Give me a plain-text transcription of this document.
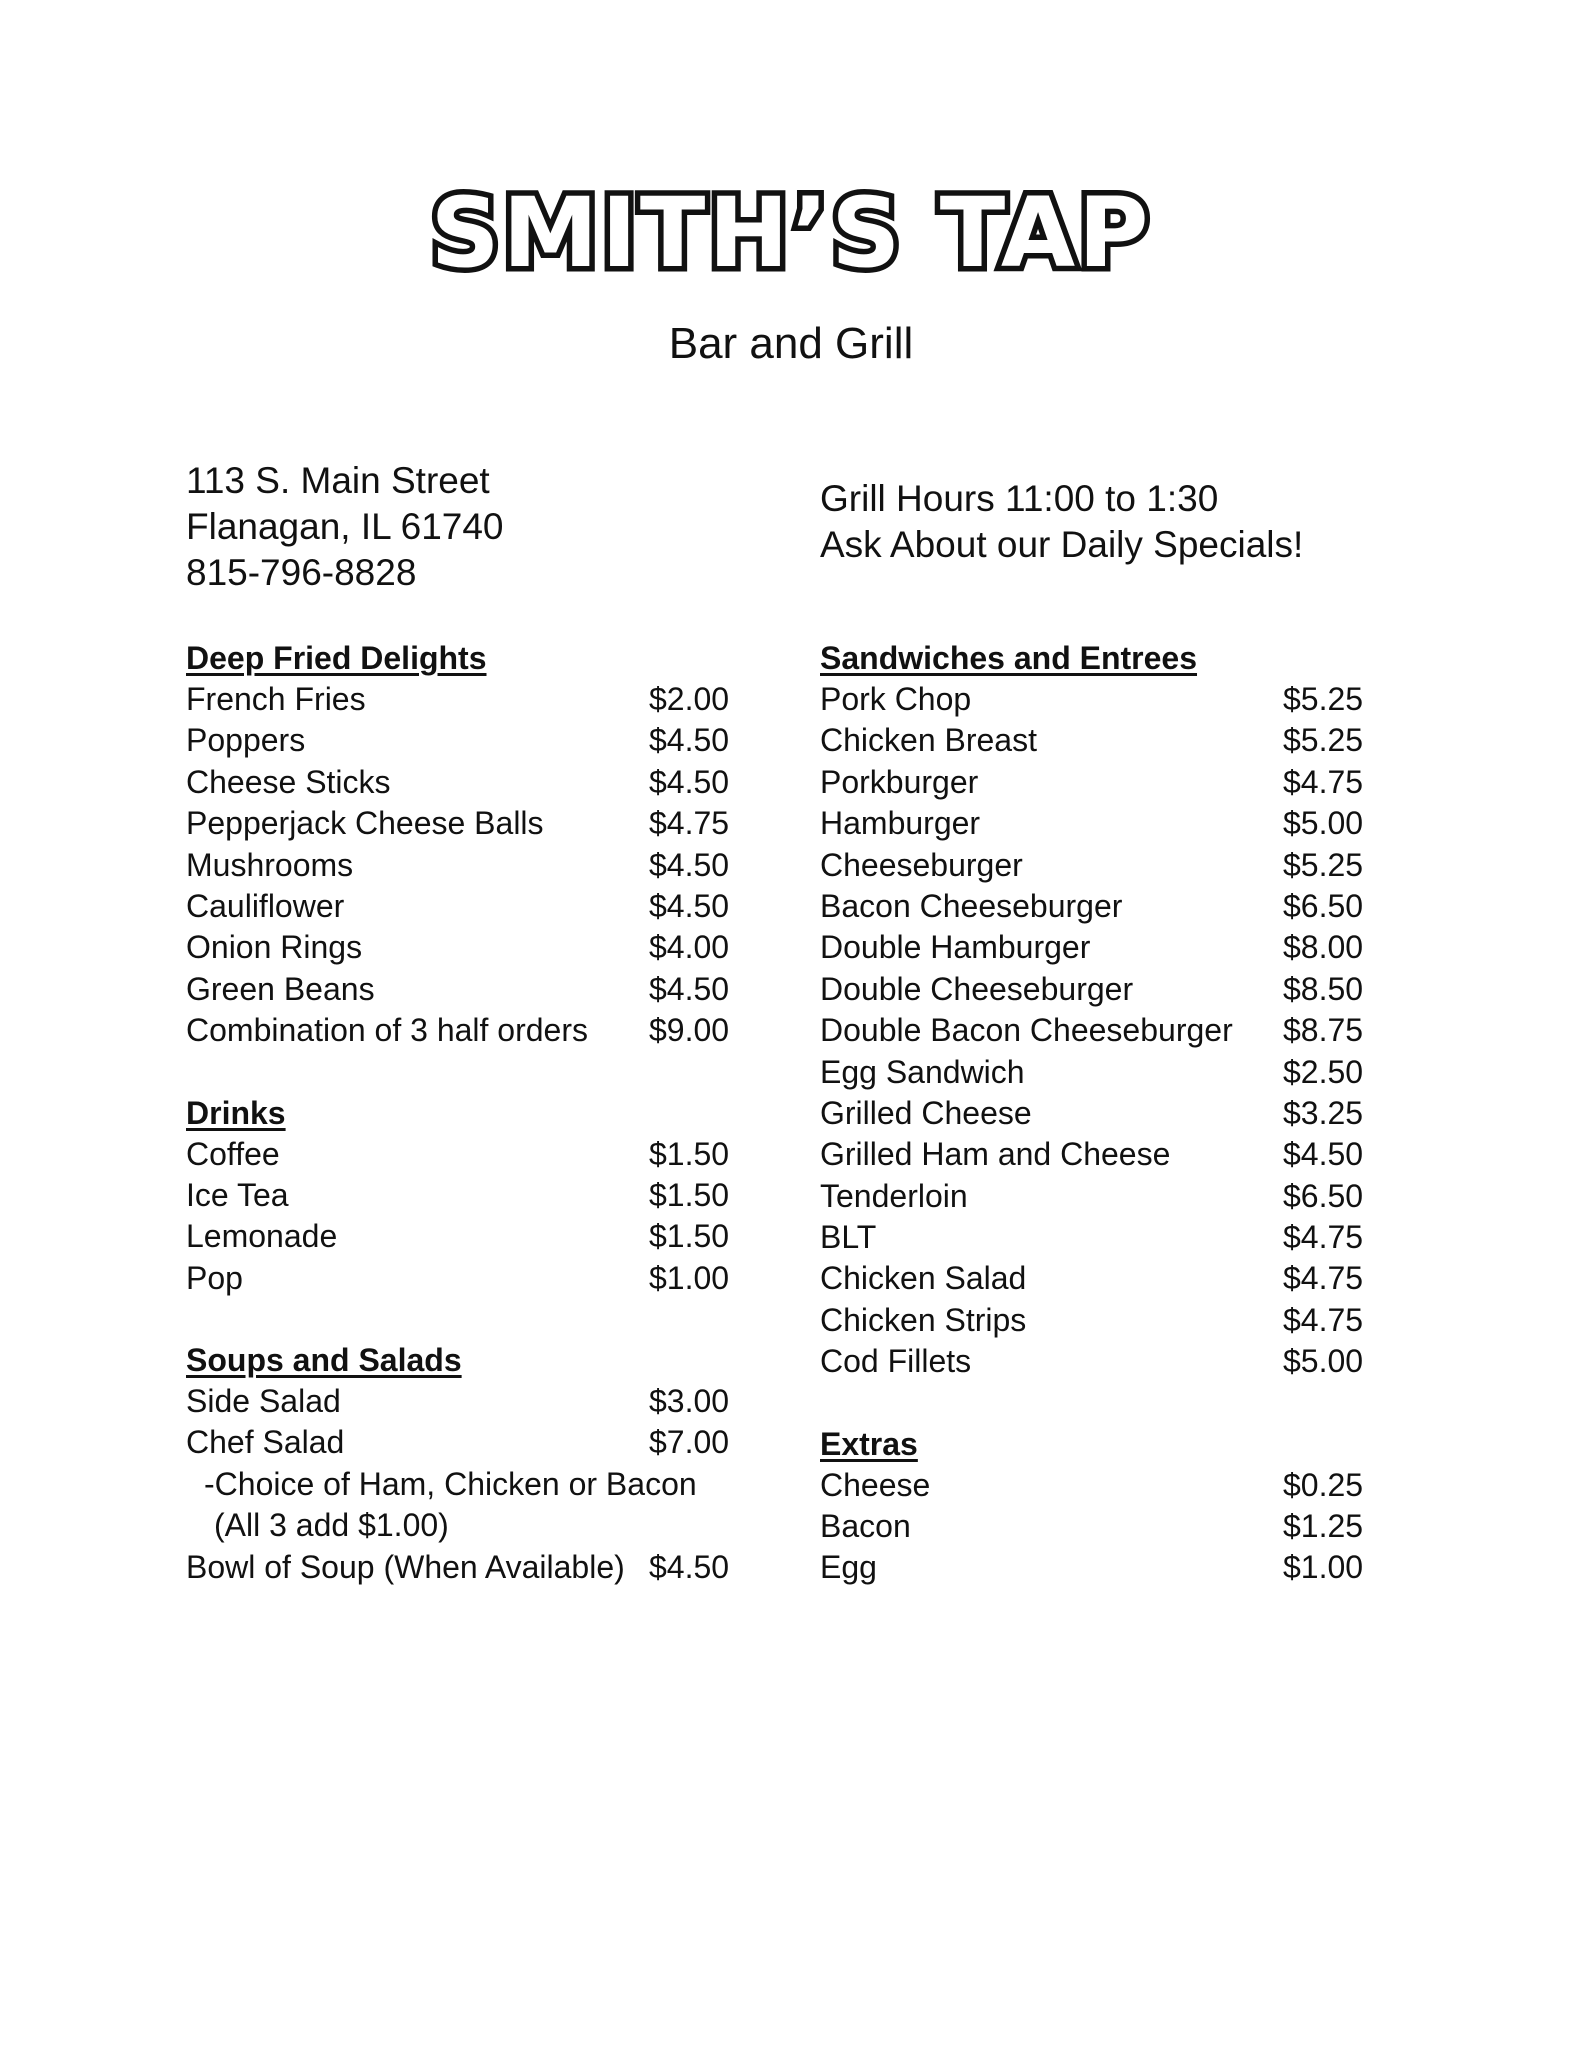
SMITH’S TAP
Bar and Grill
113 S. Main Street
Flanagan, IL 61740
815-796-8828
Deep Fried Delights
French Fries	$2.00
Poppers	$4.50
Cheese Sticks	$4.50
Pepperjack Cheese Balls	$4.75
Mushrooms	$4.50
Cauliflower	$4.50
Onion Rings	$4.00
Green Beans	$4.50
Combination of 3 half orders $9.00
Drinks
Coffee	$1.50
Ice Tea	$1.50
Lemonade	$1.50
Pop	$1.00
Soups and Salads
Side Salad	$3.00
Chef Salad	$7.00
-Choice of Ham, Chicken or Bacon
(All 3 add $1.00)
Bowl of Soup (When Available) $4.50
Grill Hours 11:00 to 1:30
Ask About our Daily Specials!
Sandwiches and Entrees
Pork Chop	$5.25
Chicken Breast	$5.25
Porkburger	$4.75
Hamburger	$5.00
Cheeseburger	$5.25
Bacon Cheeseburger	$6.50
Double Hamburger	$8.00
Double Cheeseburger	$8.50
Double Bacon Cheeseburger $8.75
Egg Sandwich	$2.50
Grilled Cheese	$3.25
Grilled Ham and Cheese	$4.50
Tenderloin	$6.50
BLT	$4.75
Chicken Salad	$4.75
Chicken Strips	$4.75
Cod Fillets	$5.00
Extras
Cheese	$0.25
Bacon	$1.25
Egg	$1.00
